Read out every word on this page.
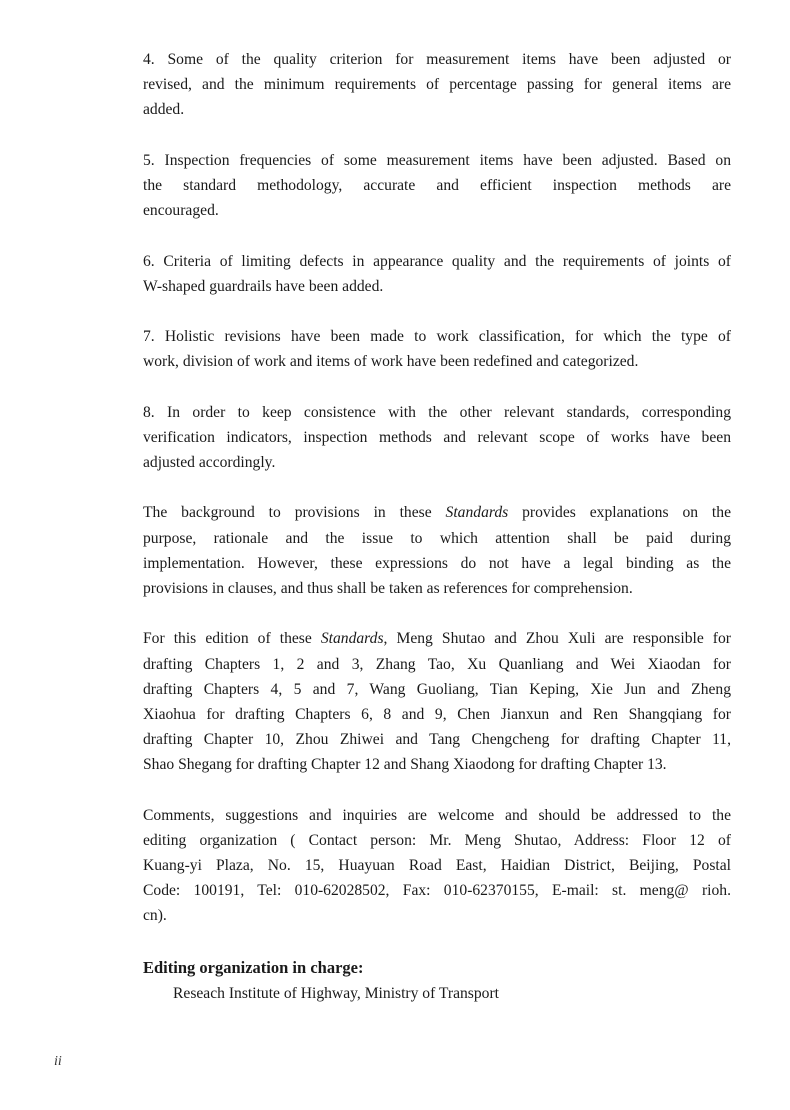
4. Some of the quality criterion for measurement items have been adjusted or
revised, and the minimum requirements of percentage passing for general items are
added.
5. Inspection frequencies of some measurement items have been adjusted. Based on
the standard methodology, accurate and efficient inspection methods are
encouraged.
6. Criteria of limiting defects in appearance quality and the requirements of joints of
W-shaped guardrails have been added.
7. Holistic revisions have been made to work classification, for which the type of
work, division of work and items of work have been redefined and categorized.
8. In order to keep consistence with the other relevant standards, corresponding
verification indicators, inspection methods and relevant scope of works have been
adjusted accordingly.
The background to provisions in these Standards provides explanations on the
purpose, rationale and the issue to which attention shall be paid during
implementation. However, these expressions do not have a legal binding as the
provisions in clauses, and thus shall be taken as references for comprehension.
For this edition of these Standards, Meng Shutao and Zhou Xuli are responsible for
drafting Chapters 1, 2 and 3, Zhang Tao, Xu Quanliang and Wei Xiaodan for
drafting Chapters 4, 5 and 7, Wang Guoliang, Tian Keping, Xie Jun and Zheng
Xiaohua for drafting Chapters 6, 8 and 9, Chen Jianxun and Ren Shangqiang for
drafting Chapter 10, Zhou Zhiwei and Tang Chengcheng for drafting Chapter 11,
Shao Shegang for drafting Chapter 12 and Shang Xiaodong for drafting Chapter 13.
Comments, suggestions and inquiries are welcome and should be addressed to the
editing organization ( Contact person: Mr. Meng Shutao, Address: Floor 12 of
Kuang-yi Plaza, No. 15, Huayuan Road East, Haidian District, Beijing, Postal
Code: 100191, Tel: 010-62028502, Fax: 010-62370155, E-mail: st. meng@ rioh.
cn).
Editing organization in charge:
Reseach Institute of Highway, Ministry of Transport
ii
